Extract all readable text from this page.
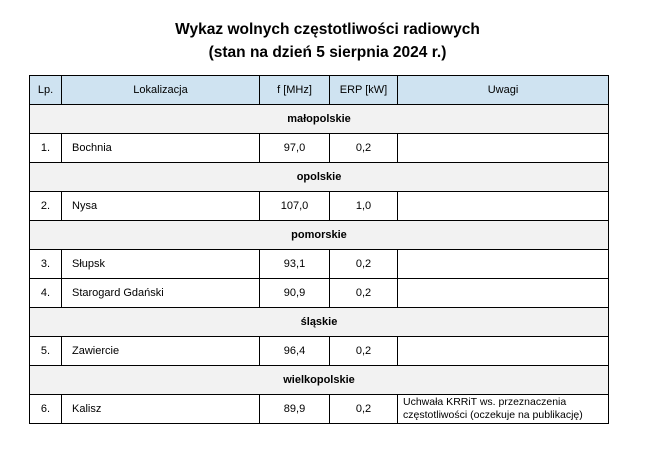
Wykaz wolnych częstotliwości radiowych
(stan na dzień 5 sierpnia 2024 r.)
Lp.	Lokalizacja	f [MHz]	ERP [kW]	Uwagi
małopolskie				
1.	Bochnia	97,0	0,2	
opolskie				
2.	Nysa	107,0	1,0	
pomorskie				
3.	Słupsk	93,1	0,2	
4.	Starogard Gdański	90,9	0,2	
śląskie				
5.	Zawiercie	96,4	0,2	
wielkopolskie				
6.	Kalisz	89,9	0,2	Uchwała KRRiT ws. przeznaczenia częstotliwości (oczekuje na publikację)
